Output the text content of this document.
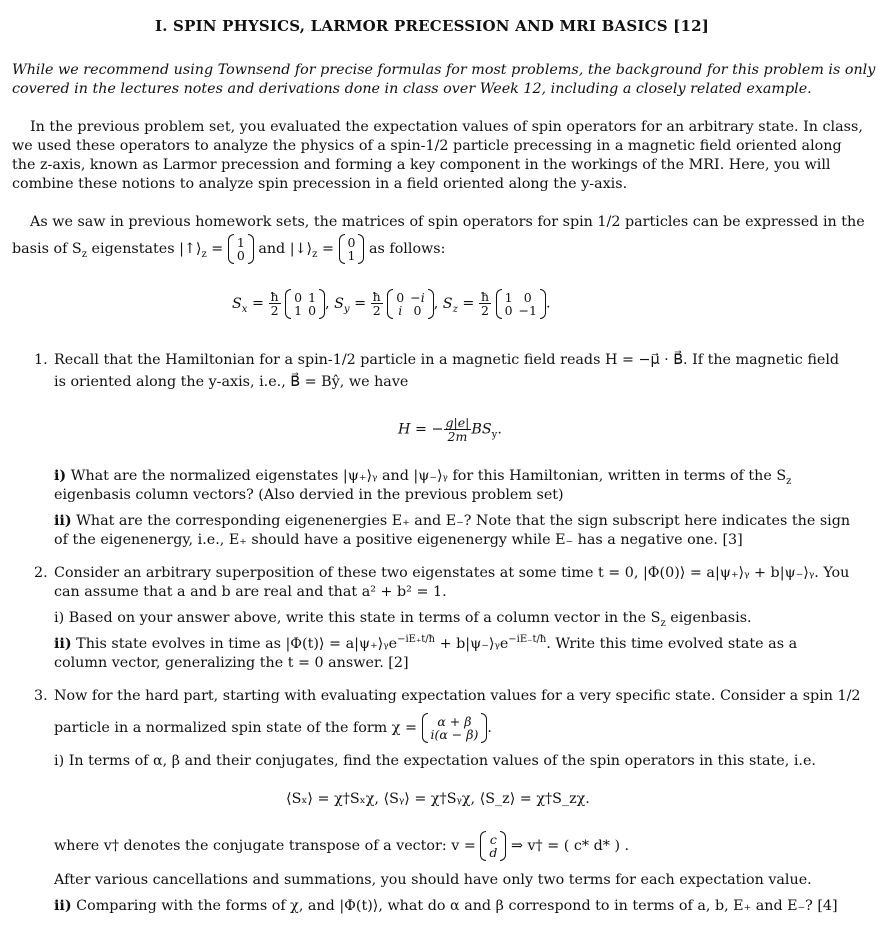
I. SPIN PHYSICS, LARMOR PRECESSION AND MRI BASICS [12]
While we recommend using Townsend for precise formulas for most problems, the background for this problem is only
covered in the lectures notes and derivations done in class over Week 12, including a closely related example.
In the previous problem set, you evaluated the expectation values of spin operators for an arbitrary state. In class,
we used these operators to analyze the physics of a spin-1/2 particle precessing in a magnetic field oriented along
the z-axis, known as Larmor precession and forming a key component in the workings of the MRI. Here, you will
combine these notions to analyze spin precession in a field oriented along the y-axis.
As we saw in previous homework sets, the matrices of spin operators for spin 1/2 particles can be expressed in the
basis of $S_z$ eigenstates $|↑⟩_z = 1$
0 and $|↓⟩_z = 0$
1 as follows:
$S_x = \frac{ħ}{2}$
0	1
1	0 , $S_y = \frac{ħ}{2}$
0	−i
i	0 , $S_z = \frac{ħ}{2}$
1	0
0	−1 .
1. Recall that the Hamiltonian for a spin-1/2 particle in a magnetic field reads H = −μ⃗ · B⃗. If the magnetic field
is oriented along the y-axis, i.e., B⃗ = Bŷ, we have
H = − $\frac{g|e|}{2m} BS_y$.
i) What are the normalized eigenstates |ψ₊⟩ᵧ and |ψ₋⟩ᵧ for this Hamiltonian, written in terms of the $S_z$
eigenbasis column vectors? (Also dervied in the previous problem set)
ii) What are the corresponding eigenenergies E₊ and E₋? Note that the sign subscript here indicates the sign
of the eigenenergy, i.e., E₊ should have a positive eigenenergy while E₋ has a negative one. [3]
2. Consider an arbitrary superposition of these two eigenstates at some time t = 0, |Φ(0)⟩ = a|ψ₊⟩ᵧ + b|ψ₋⟩ᵧ. You
can assume that a and b are real and that a² + b² = 1.
i) Based on your answer above, write this state in terms of a column vector in the $S_z$ eigenbasis.
ii) This state evolves in time as |Φ(t)⟩ = a|ψ₊⟩ᵧe$^{-iE_+t/ħ}$ + b|ψ₋⟩ᵧe$^{-iE_-t/ħ}$. Write this time evolved state as a
column vector, generalizing the t = 0 answer. [2]
3. Now for the hard part, starting with evaluating expectation values for a very specific state. Consider a spin 1/2
particle in a normalized spin state of the form χ = α + β
i(α − β) .
i) In terms of α, β and their conjugates, find the expectation values of the spin operators in this state, i.e.
⟨Sₓ⟩ = χ†Sₓχ, ⟨Sᵧ⟩ = χ†Sᵧχ, ⟨S_z⟩ = χ†S_zχ.
where v† denotes the conjugate transpose of a vector: v = c
d ⇒ v† = ( c* d* ) .
After various cancellations and summations, you should have only two terms for each expectation value.
ii) Comparing with the forms of χ, and |Φ(t)⟩, what do α and β correspond to in terms of a, b, E₊ and E₋? [4]
